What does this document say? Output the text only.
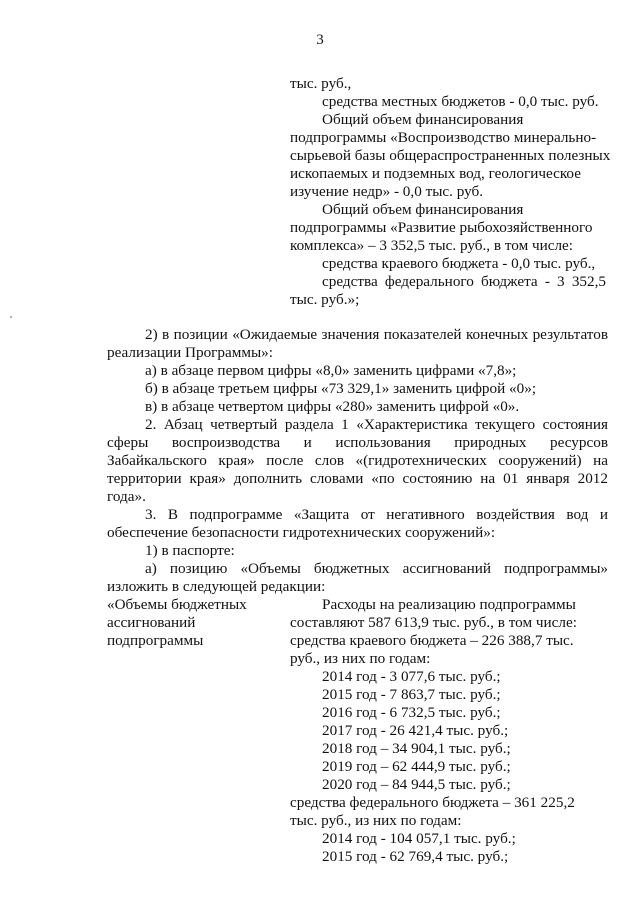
3
тыс. руб.,
средства местных бюджетов - 0,0 тыс. руб.
Общий объем финансирования
подпрограммы «Воспроизводство минерально-
сырьевой базы общераспространенных полезных
ископаемых и подземных вод, геологическое
изучение недр» - 0,0 тыс. руб.
Общий объем финансирования
подпрограммы «Развитие рыбохозяйственного
комплекса» – 3 352,5 тыс. руб., в том числе:
средства краевого бюджета - 0,0 тыс. руб.,
средства федерального бюджета - 3 352,5
тыс. руб.»;
2) в позиции «Ожидаемые значения показателей конечных результатов
реализации Программы»:
а) в абзаце первом цифры «8,0» заменить цифрами «7,8»;
б) в абзаце третьем цифры «73 329,1» заменить цифрой «0»;
в) в абзаце четвертом цифры «280» заменить цифрой «0».
2. Абзац четвертый раздела 1 «Характеристика текущего состояния
сферы воспроизводства и использования природных ресурсов
Забайкальского края» после слов «(гидротехнических сооружений) на
территории края» дополнить словами «по состоянию на 01 января 2012
года».
3. В подпрограмме «Защита от негативного воздействия вод и
обеспечение безопасности гидротехнических сооружений»:
1) в паспорте:
а) позицию «Объемы бюджетных ассигнований подпрограммы»
изложить в следующей редакции:
«Объемы бюджетных
ассигнований
подпрограммы
Расходы на реализацию подпрограммы
составляют 587 613,9 тыс. руб., в том числе:
средства краевого бюджета – 226 388,7 тыс.
руб., из них по годам:
2014 год - 3 077,6 тыс. руб.;
2015 год - 7 863,7 тыс. руб.;
2016 год - 6 732,5 тыс. руб.;
2017 год - 26 421,4 тыс. руб.;
2018 год – 34 904,1 тыс. руб.;
2019 год – 62 444,9 тыс. руб.;
2020 год – 84 944,5 тыс. руб.;
средства федерального бюджета – 361 225,2
тыс. руб., из них по годам:
2014 год - 104 057,1 тыс. руб.;
2015 год - 62 769,4 тыс. руб.;
